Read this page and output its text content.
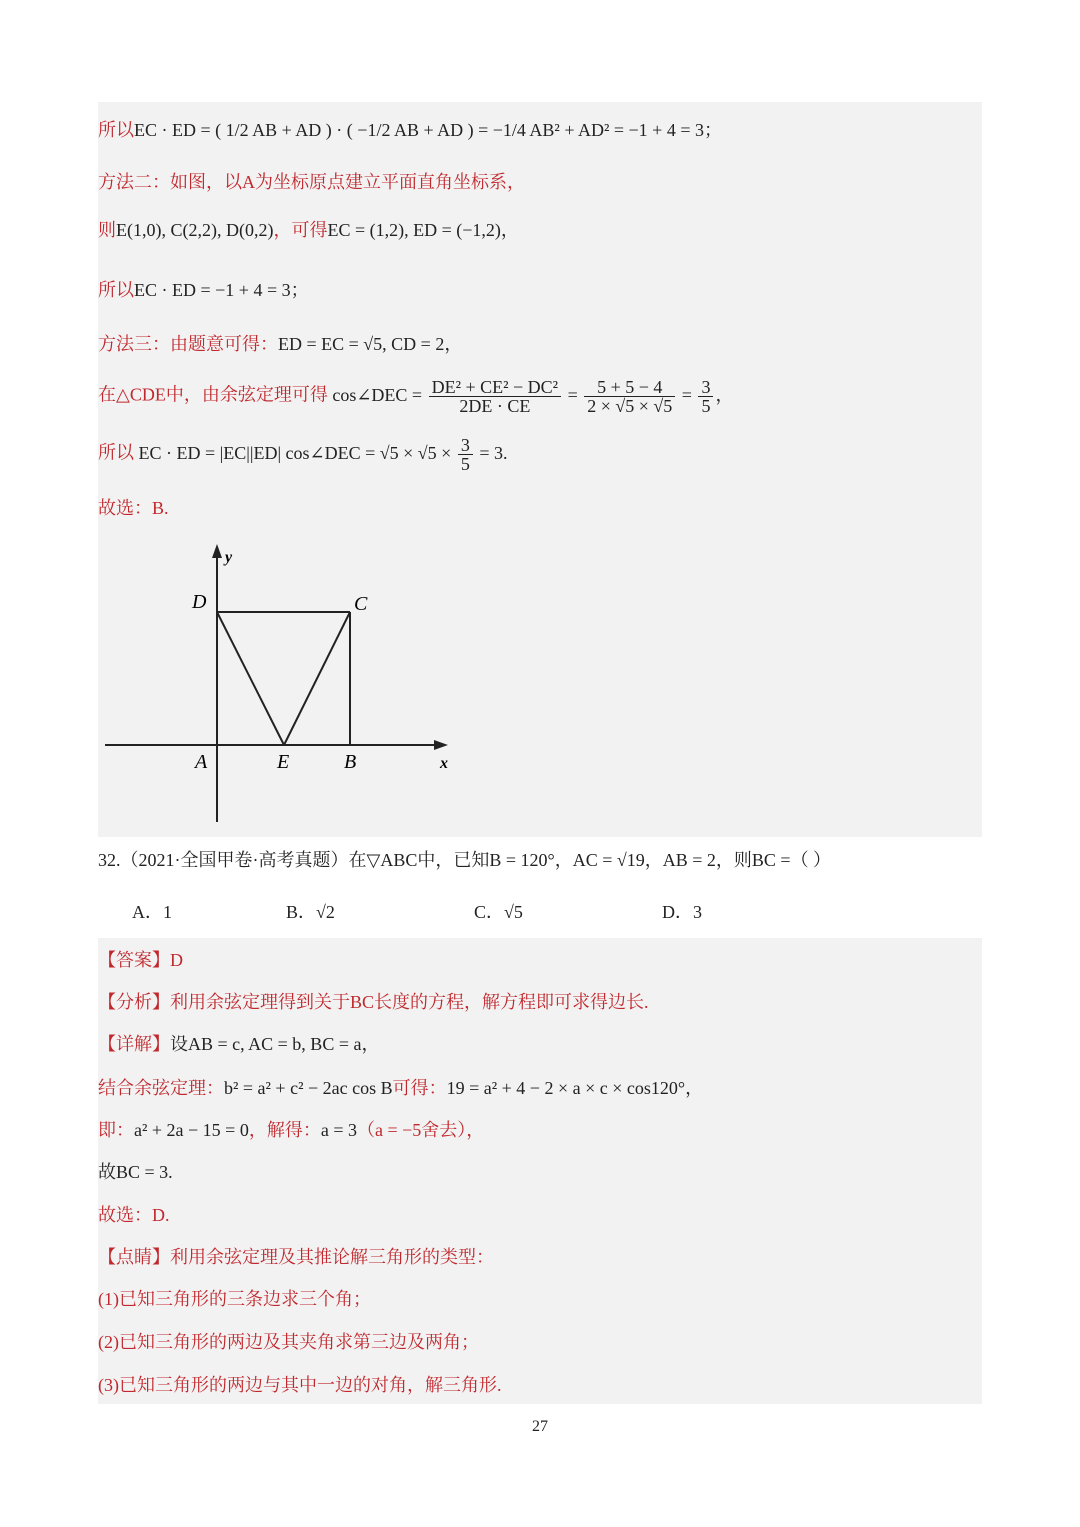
所以EC · ED = ( 1/2 AB + AD ) · ( −1/2 AB + AD ) = −1/4 AB² + AD² = −1 + 4 = 3；
方法二：如图，以A为坐标原点建立平面直角坐标系，
则E(1,0), C(2,2), D(0,2)，可得EC = (1,2), ED = (−1,2)，
所以EC · ED = −1 + 4 = 3；
方法三：由题意可得：ED = EC = √5, CD = 2，
在△CDE中，由余弦定理可得 cos∠DEC = $\frac{\text{DE² + CE² − DC²}}{2DE \cdot CE} = \frac{5 + 5 - 4}{2 \times √5 \times √5} = \frac{3}{5}$ ，
所以 EC · ED = |EC||ED| cos∠DEC = $√5 \times √5 \times \frac{3}{5} = 3$.
故选：B.
y
x
D	C
A	E	B
32.（2021·全国甲卷·高考真题）在▽ABC中，已知B = 120°，AC = √19，AB = 2，则BC =（ ）
A．1	B．√2	C．√5	D．3
【答案】D
【分析】利用余弦定理得到关于BC长度的方程，解方程即可求得边长.
【详解】设AB = c, AC = b, BC = a，
结合余弦定理：b² = a² + c² − 2ac cos B可得：19 = a² + 4 − 2 × a × c × cos120°，
即：a² + 2a − 15 = 0，解得：a = 3（a = −5舍去），
故BC = 3.
故选：D.
【点睛】利用余弦定理及其推论解三角形的类型：
(1)已知三角形的三条边求三个角；
(2)已知三角形的两边及其夹角求第三边及两角；
(3)已知三角形的两边与其中一边的对角，解三角形.
27
